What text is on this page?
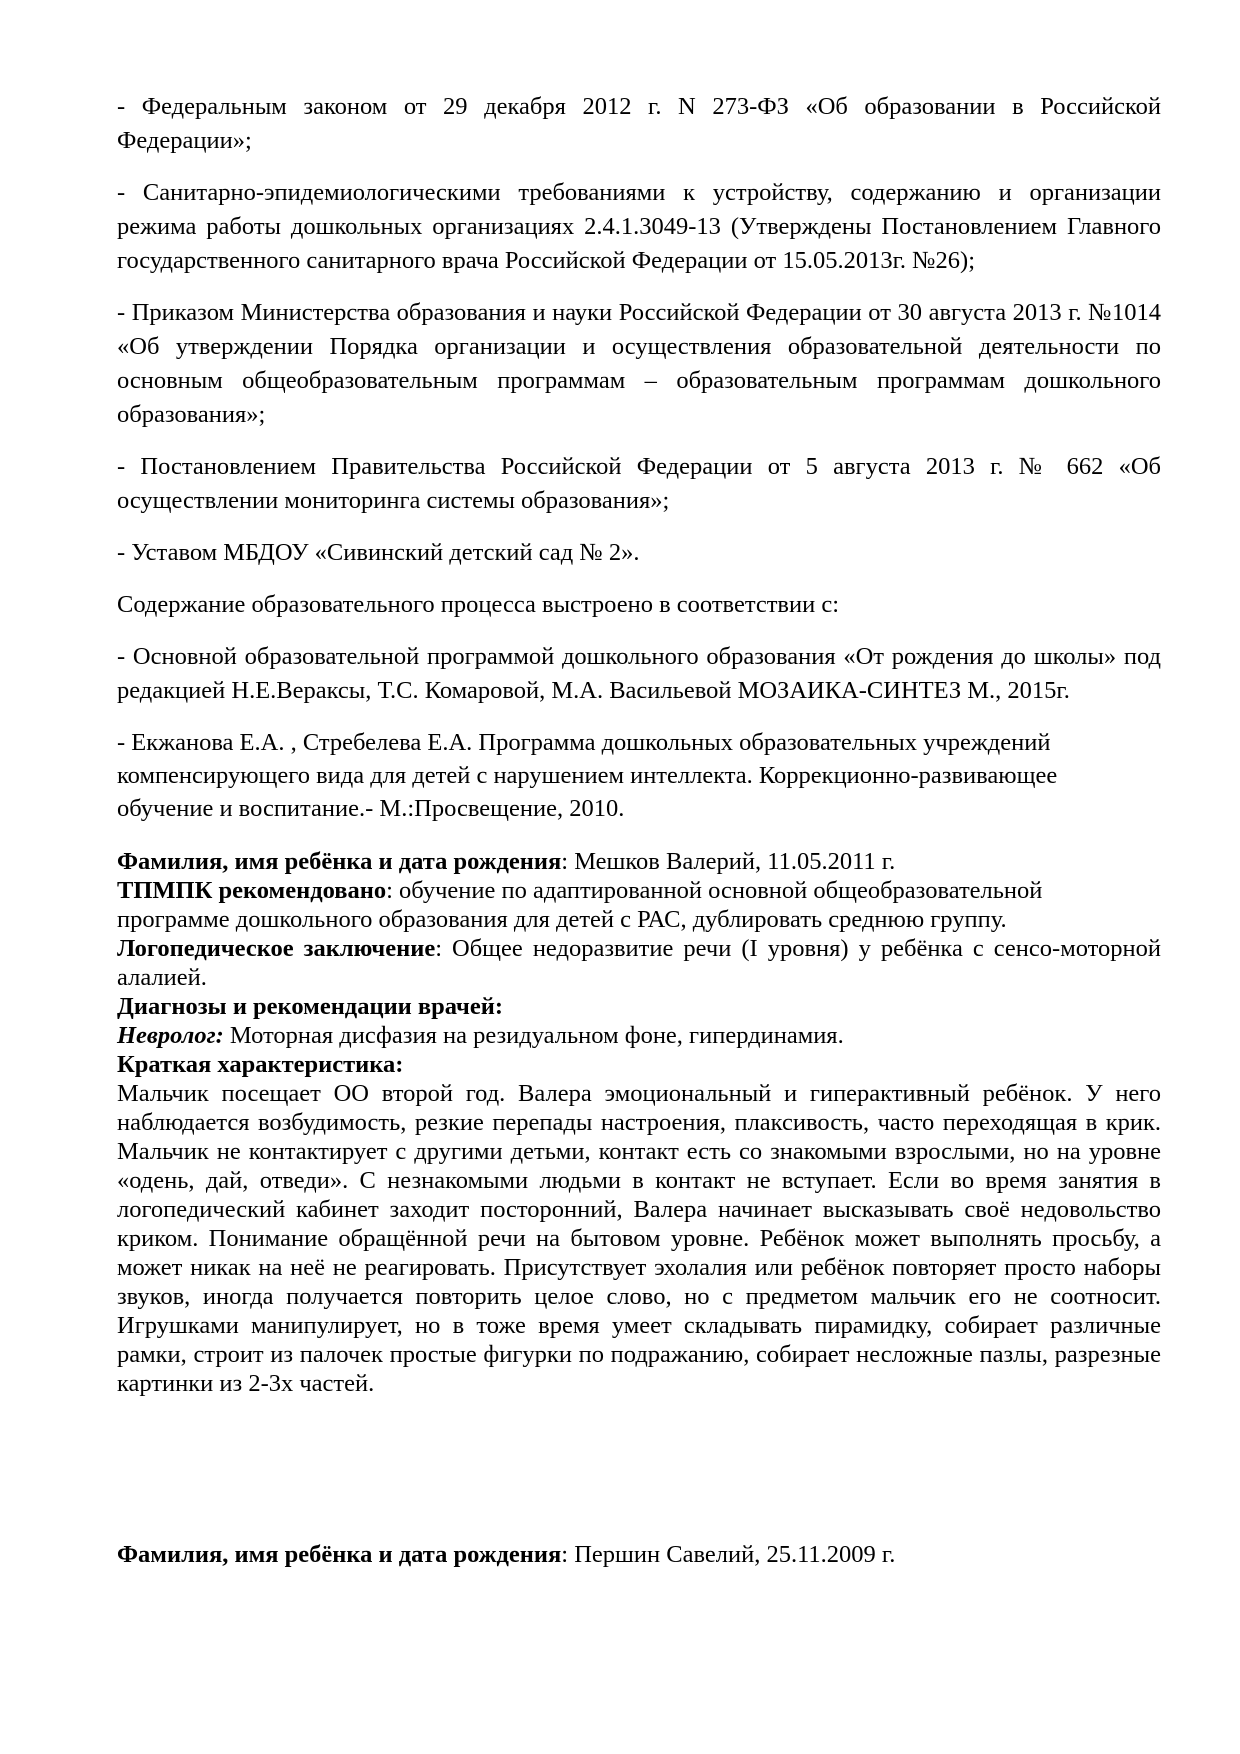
- Федеральным законом от 29 декабря 2012 г. N 273-ФЗ «Об образовании в Российской Федерации»;

- Санитарно-эпидемиологическими требованиями к устройству, содержанию и организации режима работы дошкольных организациях 2.4.1.3049-13 (Утверждены Постановлением Главного государственного санитарного врача Российской Федерации от 15.05.2013г. №26);

- Приказом Министерства образования и науки Российской Федерации от 30 августа 2013 г. №1014 «Об утверждении Порядка организации и осуществления образовательной деятельности по основным общеобразовательным программам – образовательным программам дошкольного образования»;

- Постановлением Правительства Российской Федерации от 5 августа 2013 г. № 662 «Об осуществлении мониторинга системы образования»;

- Уставом МБДОУ «Сивинский детский сад № 2».

Содержание образовательного процесса выстроено в соответствии с:

- Основной образовательной программой дошкольного образования «От рождения до школы» под редакцией Н.Е.Вераксы, Т.С. Комаровой, М.А. Васильевой МОЗАИКА-СИНТЕЗ М., 2015г.

- Екжанова Е.А. , Стребелева Е.А. Программа дошкольных образовательных учреждений компенсирующего вида для детей с нарушением интеллекта. Коррекционно-развивающее обучение и воспитание.- М.:Просвещение, 2010.

Фамилия, имя ребёнка и дата рождения: Мешков Валерий, 11.05.2011 г.
ТПМПК рекомендовано: обучение по адаптированной основной общеобразовательной программе дошкольного образования для детей с РАС, дублировать среднюю группу.
Логопедическое заключение: Общее недоразвитие речи (I уровня) у ребёнка с сенсо-моторной алалией.
Диагнозы и рекомендации врачей:
Невролог: Моторная дисфазия на резидуальном фоне, гипердинамия.
Краткая характеристика:
Мальчик посещает ОО второй год. Валера эмоциональный и гиперактивный ребёнок. У него наблюдается возбудимость, резкие перепады настроения, плаксивость, часто переходящая в крик. Мальчик не контактирует с другими детьми, контакт есть со знакомыми взрослыми, но на уровне «одень, дай, отведи». С незнакомыми людьми в контакт не вступает. Если во время занятия в логопедический кабинет заходит посторонний, Валера начинает высказывать своё недовольство криком. Понимание обращённой речи на бытовом уровне. Ребёнок может выполнять просьбу, а может никак на неё не реагировать. Присутствует эхолалия или ребёнок повторяет просто наборы звуков, иногда получается повторить целое слово, но с предметом мальчик его не соотносит. Игрушками манипулирует, но в тоже время умеет складывать пирамидку, собирает различные рамки, строит из палочек простые фигурки по подражанию, собирает несложные пазлы, разрезные картинки из 2-3х частей.
Фамилия, имя ребёнка и дата рождения: Першин Савелий, 25.11.2009 г.
